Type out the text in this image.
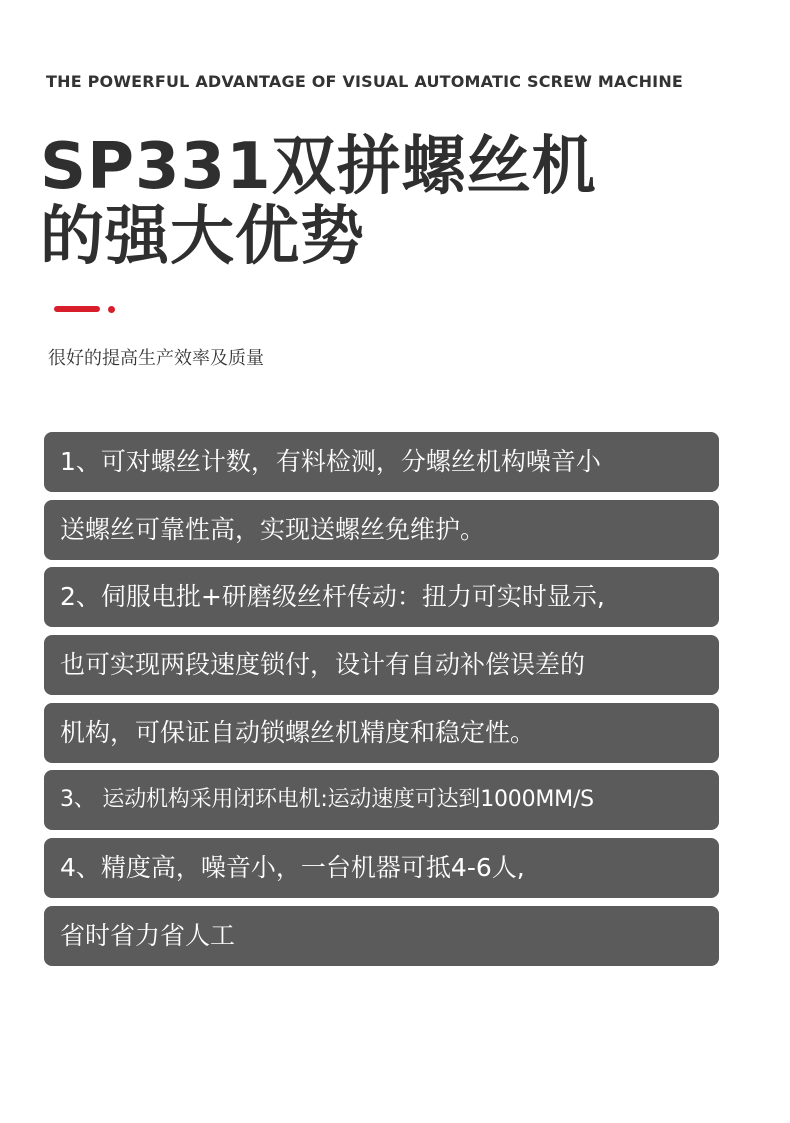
THE POWERFUL ADVANTAGE OF VISUAL AUTOMATIC SCREW MACHINE
SP331双拼螺丝机
的强大优势
很好的提高生产效率及质量
1、可对螺丝计数，有料检测，分螺丝机构噪音小
送螺丝可靠性高，实现送螺丝免维护。
2、伺服电批+研磨级丝杆传动：扭力可实时显示,
也可实现两段速度锁付，设计有自动补偿误差的
机构，可保证自动锁螺丝机精度和稳定性。
3、 运动机构采用闭环电机:运动速度可达到1000MM/S
4、精度高，噪音小，一台机器可抵4-6人,
省时省力省人工
